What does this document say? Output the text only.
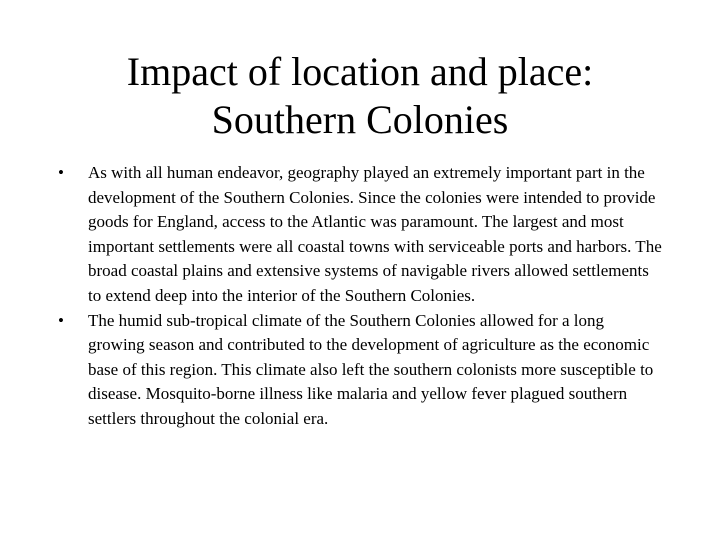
Impact of location and place:
Southern Colonies
• As with all human endeavor, geography played an extremely important part in the development of the Southern Colonies. Since the colonies were intended to provide goods for England, access to the Atlantic was paramount. The largest and most important settlements were all coastal towns with serviceable ports and harbors. The broad coastal plains and extensive systems of navigable rivers allowed settlements to extend deep into the interior of the Southern Colonies.
• The humid sub-tropical climate of the Southern Colonies allowed for a long growing season and contributed to the development of agriculture as the economic base of this region. This climate also left the southern colonists more susceptible to disease. Mosquito-borne illness like malaria and yellow fever plagued southern settlers throughout the colonial era.
